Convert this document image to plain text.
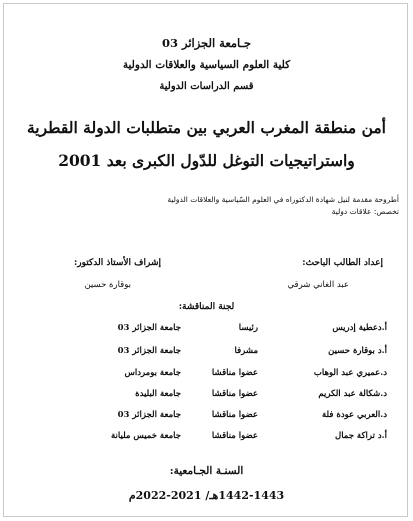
جـامعة الجزائر 03
كلية العلوم السياسية والعلاقات الدولية
قسم الدراسات الدولية
أمن منطقة المغرب العربي بين متطلبات الدولة القطرية
واستراتيجيات التوغل للدّول الكبرى بعد 2001
أطروحة مقدمة لنيل شهادة الدكتوراه في العلوم السّياسية والعلاقات الدولية
تخصص: علاقات دولية
إعداد الطالب الباحث:
إشراف الأستاذ الدكتور:
عبد الغاني شرقي
بوقارة حسين
لجنة المناقشة:
أ.دعطية إدريس
رئيسا
جامعة الجزائر 03
أ.د بوقارة حسين
مشرفا
جامعة الجزائر 03
د.عميري عبد الوهاب
عضوا مناقشا
جامعة بومرداس
د.شكالة عبد الكريم
عضوا مناقشا
جامعة البليدة
د.العربي عودة فلة
عضوا مناقشا
جامعة الجزائر 03
أ.د تراكة جمال
عضوا مناقشا
جامعة خميس مليانة
السنـة الجـامعية:
1442-1443هـ/ 2021-2022م
